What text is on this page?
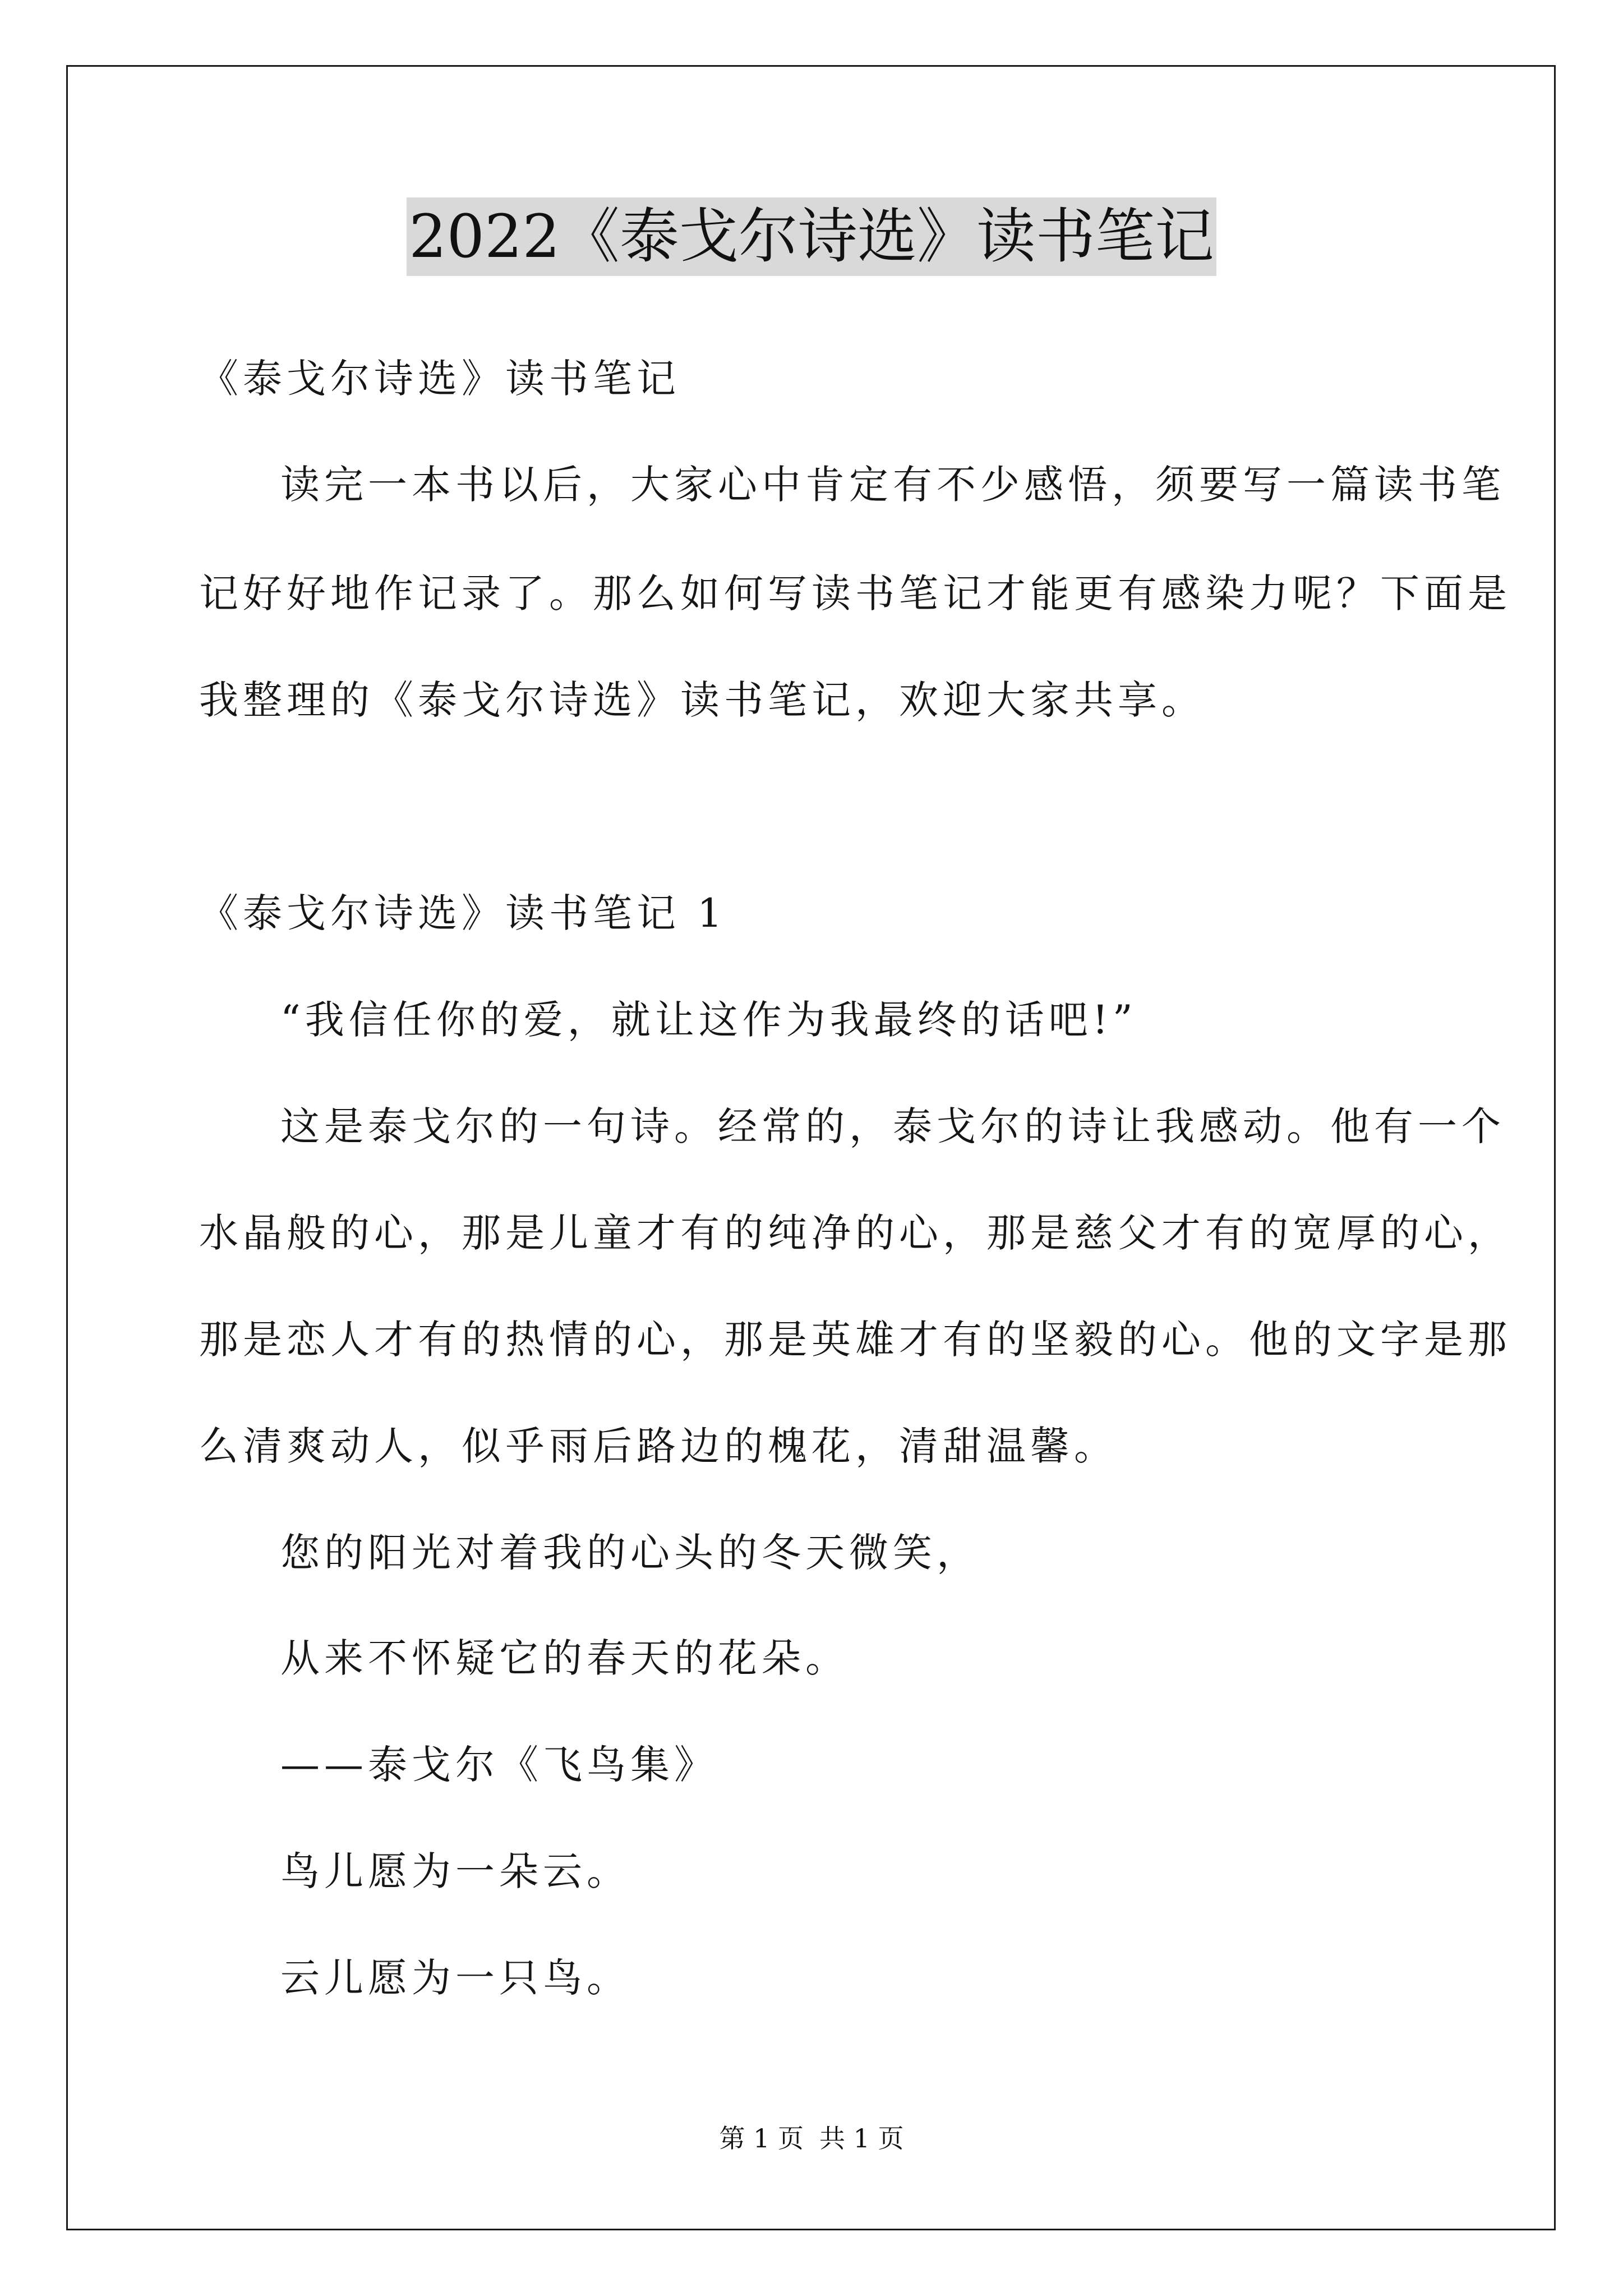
2022《泰戈尔诗选》读书笔记
《泰戈尔诗选》读书笔记
读完一本书以后，大家心中肯定有不少感悟，须要写一篇读书笔
记好好地作记录了。那么如何写读书笔记才能更有感染力呢？下面是
我整理的《泰戈尔诗选》读书笔记，欢迎大家共享。
《泰戈尔诗选》读书笔记 1
“我信任你的爱，就让这作为我最终的话吧!”
这是泰戈尔的一句诗。经常的，泰戈尔的诗让我感动。他有一个
水晶般的心，那是儿童才有的纯净的心，那是慈父才有的宽厚的心，
那是恋人才有的热情的心，那是英雄才有的坚毅的心。他的文字是那
么清爽动人，似乎雨后路边的槐花，清甜温馨。
您的阳光对着我的心头的冬天微笑，
从来不怀疑它的春天的花朵。
——泰戈尔《飞鸟集》
鸟儿愿为一朵云。
云儿愿为一只鸟。
第 1 页 共 1 页
